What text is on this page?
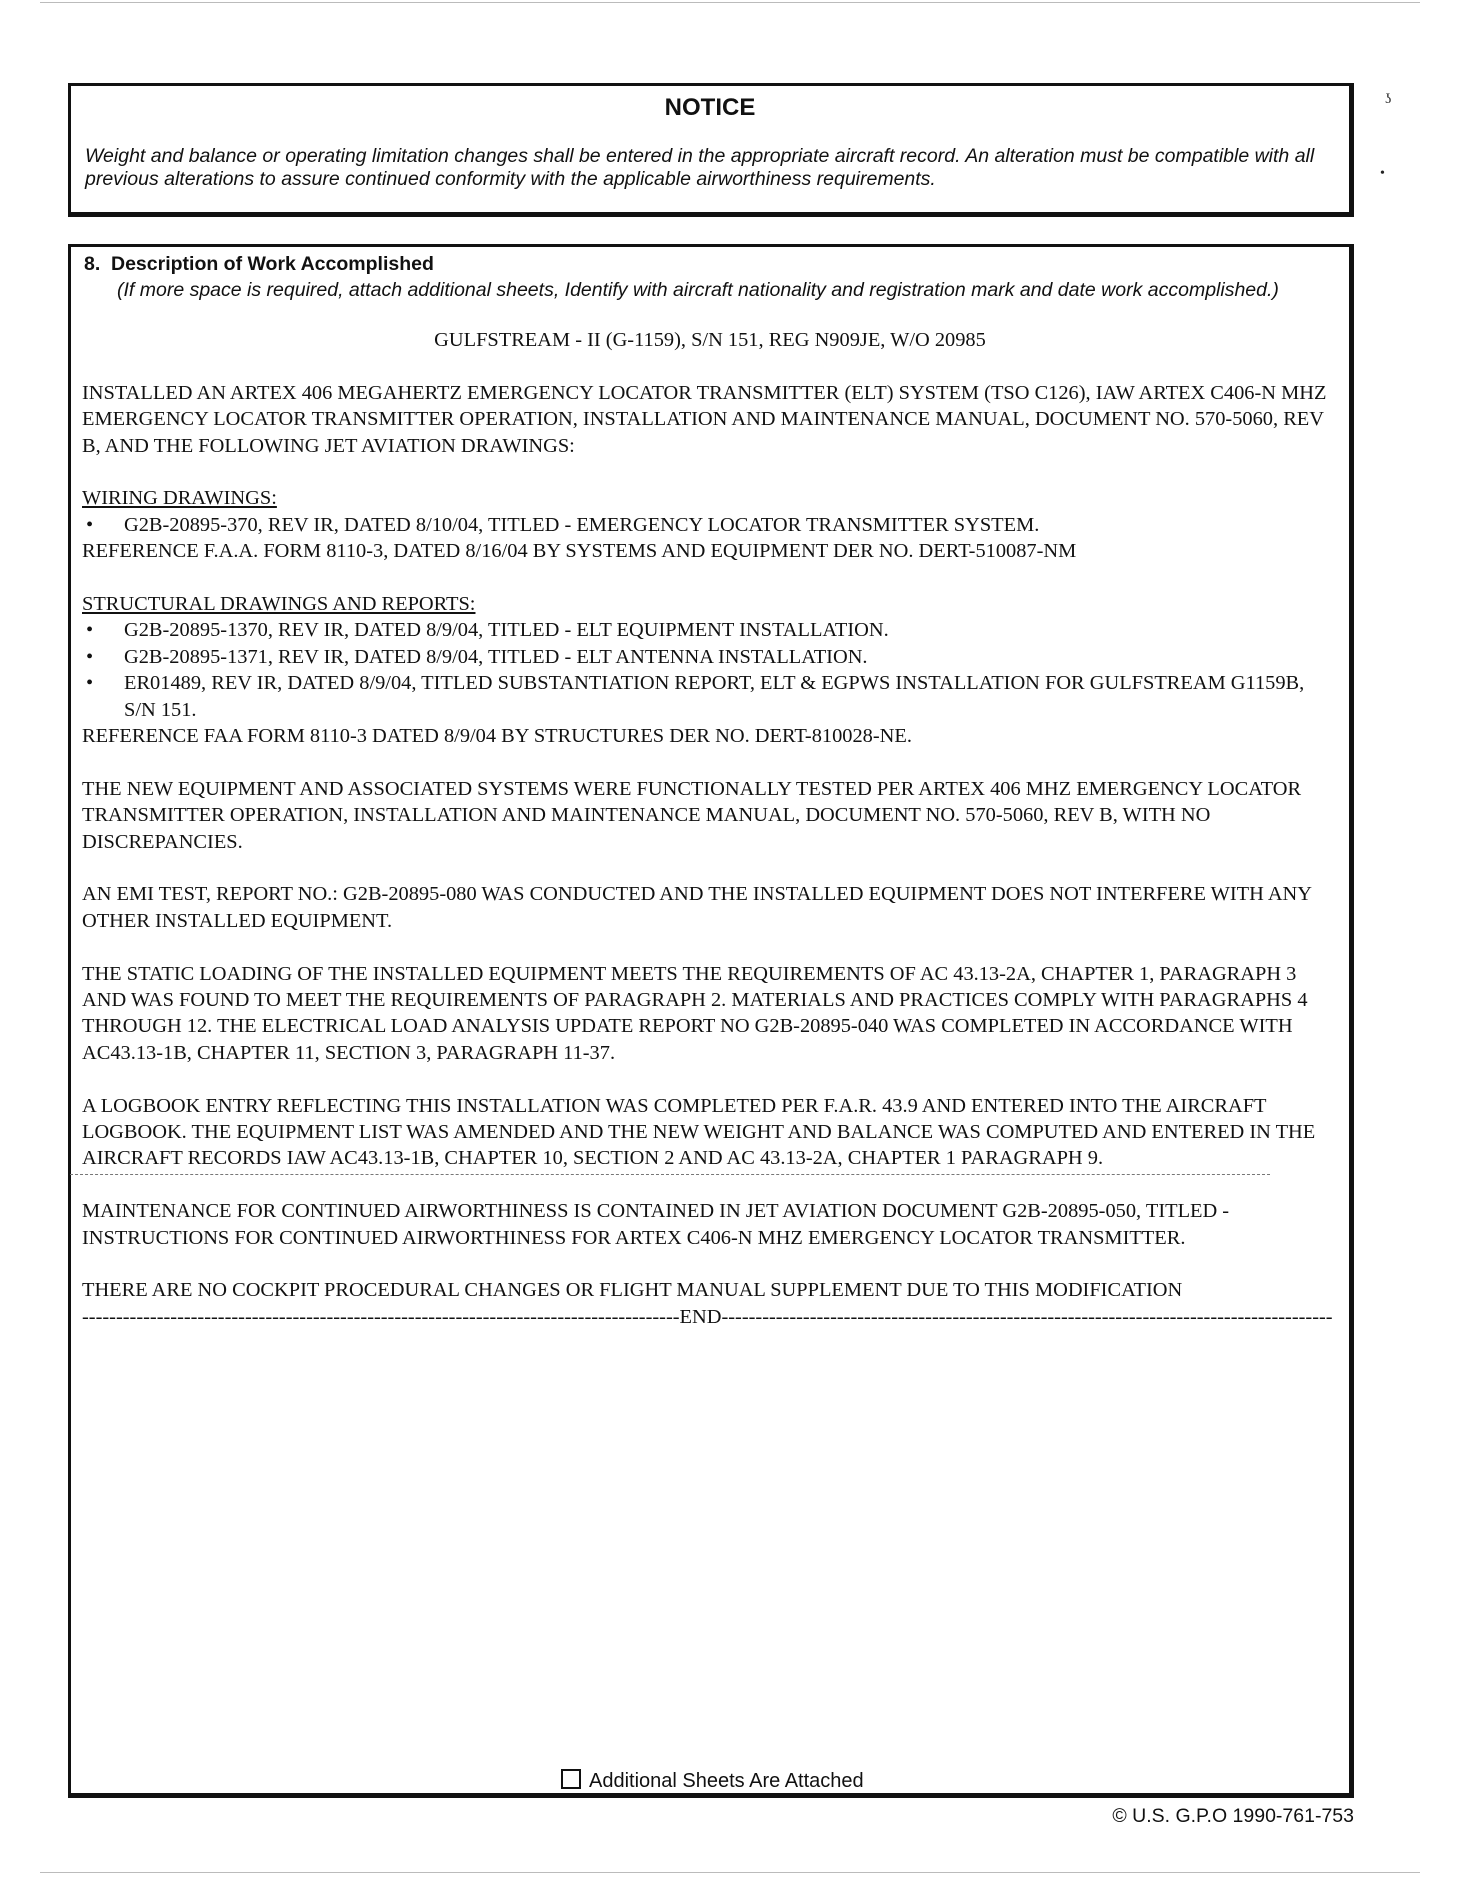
NOTICE
Weight and balance or operating limitation changes shall be entered in the appropriate aircraft record. An alteration must be compatible with all previous alterations to assure continued conformity with the applicable airworthiness requirements.
ʖ
•
8. Description of Work Accomplished
(If more space is required, attach additional sheets, Identify with aircraft nationality and registration mark and date work accomplished.)

GULFSTREAM - II (G-1159), S/N 151, REG N909JE, W/O 20985

INSTALLED AN ARTEX 406 MEGAHERTZ EMERGENCY LOCATOR TRANSMITTER (ELT) SYSTEM (TSO C126), IAW ARTEX C406-N MHZ EMERGENCY LOCATOR TRANSMITTER OPERATION, INSTALLATION AND MAINTENANCE MANUAL, DOCUMENT NO. 570-5060, REV B, AND THE FOLLOWING JET AVIATION DRAWINGS:

WIRING DRAWINGS:

• G2B-20895-370, REV IR, DATED 8/10/04, TITLED - EMERGENCY LOCATOR TRANSMITTER SYSTEM.

REFERENCE F.A.A. FORM 8110-3, DATED 8/16/04 BY SYSTEMS AND EQUIPMENT DER NO. DERT-510087-NM

STRUCTURAL DRAWINGS AND REPORTS:

• G2B-20895-1370, REV IR, DATED 8/9/04, TITLED - ELT EQUIPMENT INSTALLATION.

• G2B-20895-1371, REV IR, DATED 8/9/04, TITLED - ELT ANTENNA INSTALLATION.

• ER01489, REV IR, DATED 8/9/04, TITLED SUBSTANTIATION REPORT, ELT & EGPWS INSTALLATION FOR GULFSTREAM G1159B, S/N 151.

REFERENCE FAA FORM 8110-3 DATED 8/9/04 BY STRUCTURES DER NO. DERT-810028-NE.

THE NEW EQUIPMENT AND ASSOCIATED SYSTEMS WERE FUNCTIONALLY TESTED PER ARTEX 406 MHZ EMERGENCY LOCATOR TRANSMITTER OPERATION, INSTALLATION AND MAINTENANCE MANUAL, DOCUMENT NO. 570-5060, REV B, WITH NO DISCREPANCIES.

AN EMI TEST, REPORT NO.: G2B-20895-080 WAS CONDUCTED AND THE INSTALLED EQUIPMENT DOES NOT INTERFERE WITH ANY OTHER INSTALLED EQUIPMENT.

THE STATIC LOADING OF THE INSTALLED EQUIPMENT MEETS THE REQUIREMENTS OF AC 43.13-2A, CHAPTER 1, PARAGRAPH 3 AND WAS FOUND TO MEET THE REQUIREMENTS OF PARAGRAPH 2. MATERIALS AND PRACTICES COMPLY WITH PARAGRAPHS 4 THROUGH 12. THE ELECTRICAL LOAD ANALYSIS UPDATE REPORT NO G2B-20895-040 WAS COMPLETED IN ACCORDANCE WITH AC43.13-1B, CHAPTER 11, SECTION 3, PARAGRAPH 11-37.

A LOGBOOK ENTRY REFLECTING THIS INSTALLATION WAS COMPLETED PER F.A.R. 43.9 AND ENTERED INTO THE AIRCRAFT LOGBOOK. THE EQUIPMENT LIST WAS AMENDED AND THE NEW WEIGHT AND BALANCE WAS COMPUTED AND ENTERED IN THE AIRCRAFT RECORDS IAW AC43.13-1B, CHAPTER 10, SECTION 2 AND AC 43.13-2A, CHAPTER 1 PARAGRAPH 9.

MAINTENANCE FOR CONTINUED AIRWORTHINESS IS CONTAINED IN JET AVIATION DOCUMENT G2B-20895-050, TITLED - INSTRUCTIONS FOR CONTINUED AIRWORTHINESS FOR ARTEX C406-N MHZ EMERGENCY LOCATOR TRANSMITTER.

THERE ARE NO COCKPIT PROCEDURAL CHANGES OR FLIGHT MANUAL SUPPLEMENT DUE TO THIS MODIFICATION

----------------------------------------------------------------------------------------END------------------------------------------------------------------------------------------

Additional Sheets Are Attached
© U.S. G.P.O 1990-761-753
